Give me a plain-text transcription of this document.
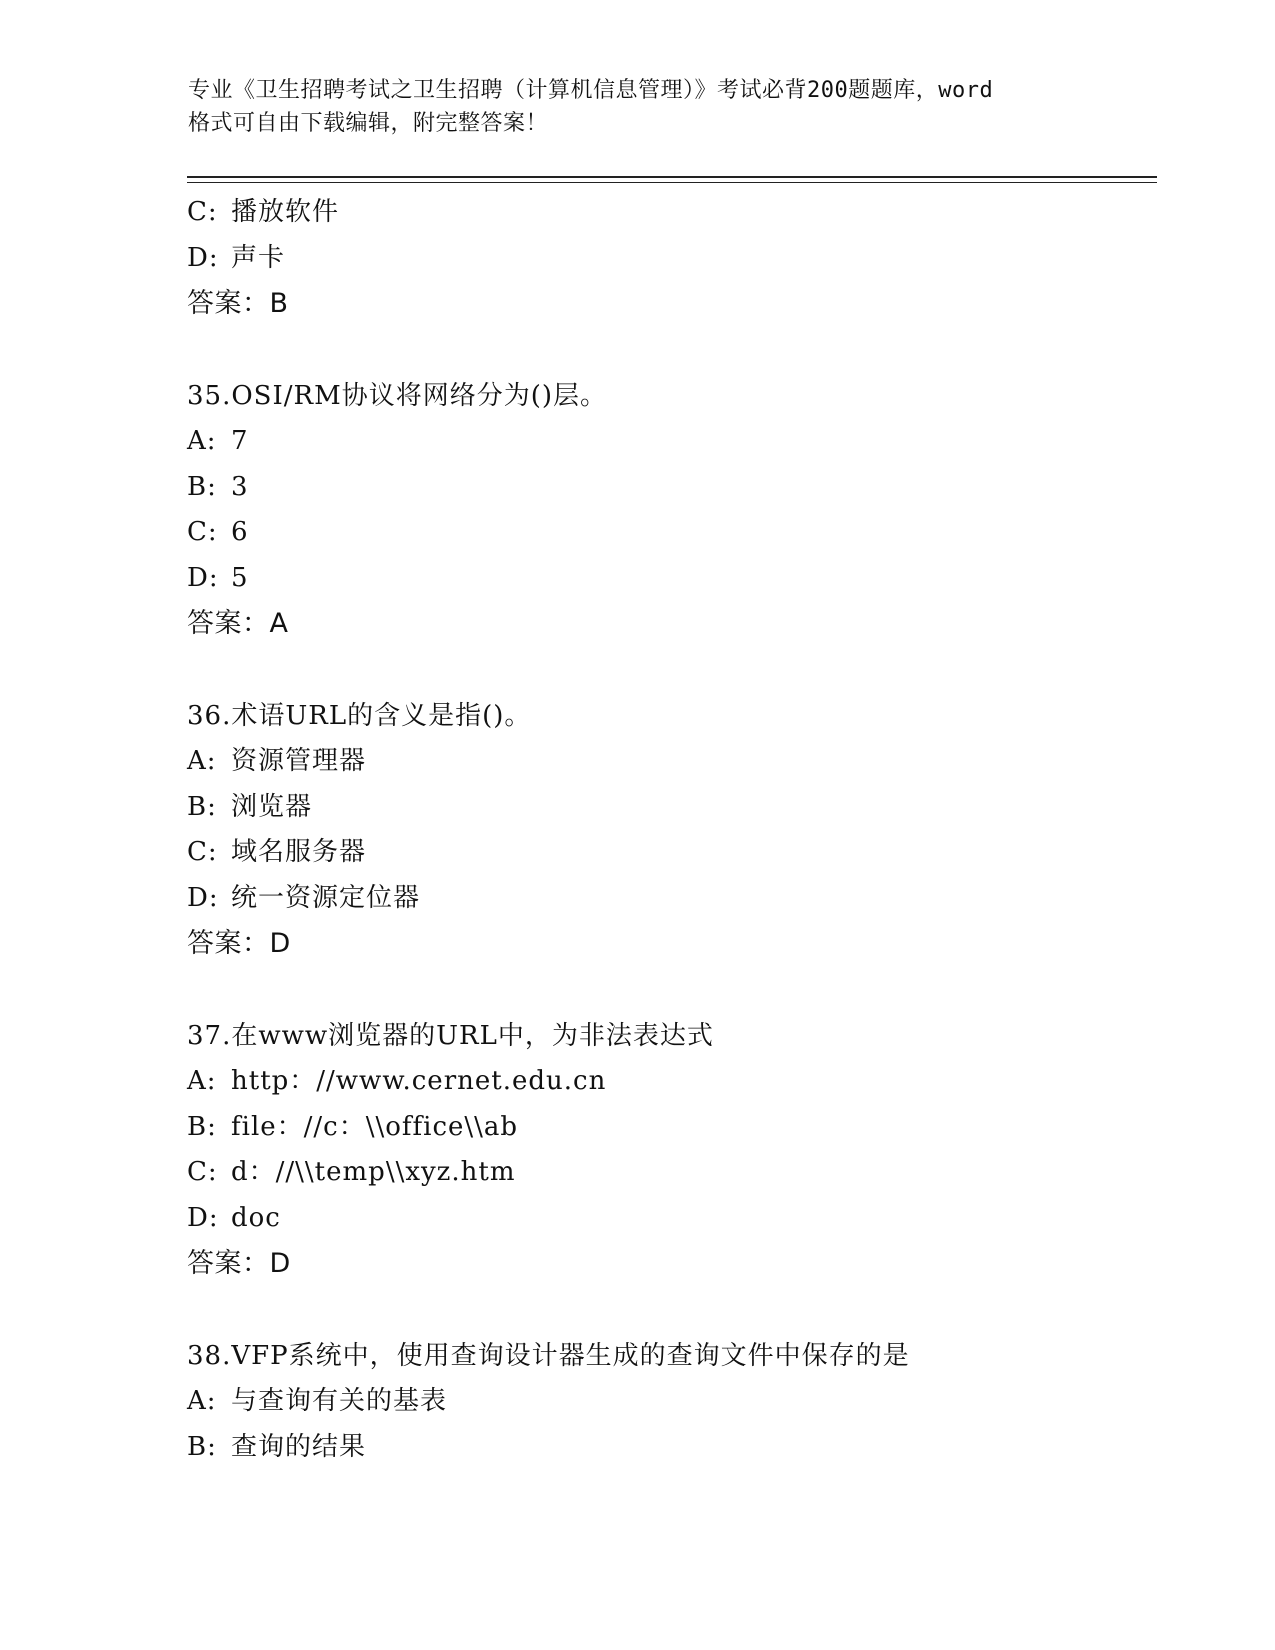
专业《卫生招聘考试之卫生招聘（计算机信息管理）》考试必背200题题库，word
格式可自由下载编辑，附完整答案！
C: 播放软件
D: 声卡
答案：B
35.OSI/RM协议将网络分为()层。
A: 7
B: 3
C: 6
D: 5
答案：A
36.术语URL的含义是指()。
A: 资源管理器
B: 浏览器
C: 域名服务器
D: 统一资源定位器
答案：D
37.在www浏览器的URL中，为非法表达式
A: http：//www.cernet.edu.cn
B: file：//c：\\office\\ab
C: d：//\\temp\\xyz.htm
D: doc
答案：D
38.VFP系统中，使用查询设计器生成的查询文件中保存的是
A: 与查询有关的基表
B: 查询的结果
